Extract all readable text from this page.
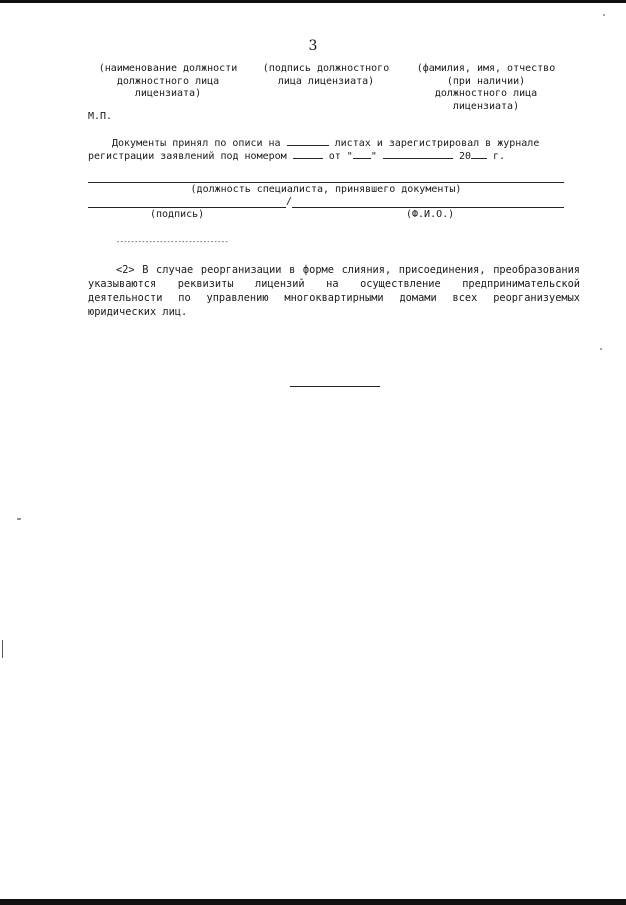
3
(наименование должности
должностного лица
лицензиата)
(подпись должностного
лица лицензиата)
(фамилия, имя, отчество
(при наличии)
должностного лица
лицензиата)
М.П.
Документы принял по описи на	листах и зарегистрировал в журнале
регистрации заявлений под номером	от " "	20 г.
(должность специалиста, принявшего документы)
/
(подпись)	(Ф.И.О.)
-------------------------------
<2> В случае реорганизации в форме слияния, присоединения, преобразования указываются реквизиты лицензий на осуществление предпринимательской деятельности по управлению многоквартирными домами всех реорганизуемых юридических лиц.
